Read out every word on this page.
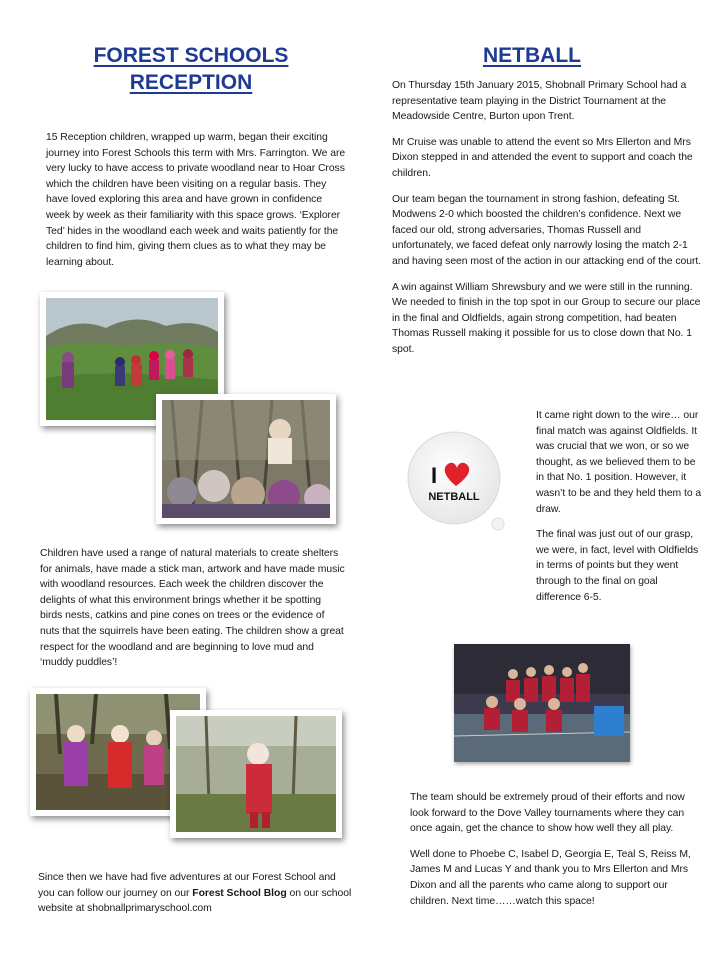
FOREST SCHOOLS
RECEPTION

15 Reception children, wrapped up warm, began their exciting journey into Forest Schools this term with Mrs. Farrington. We are very lucky to have access to private woodland near to Hoar Cross which the children have been visiting on a regular basis. They have loved exploring this area and have grown in confidence week by week as their familiarity with this space grows. ‘Explorer Ted’ hides in the woodland each week and waits patiently for the children to find him, giving them clues as to what they may be learning about.

Children have used a range of natural materials to create shelters for animals, have made a stick man, artwork and have made music with woodland resources. Each week the children discover the delights of what this environment brings whether it be spotting birds nests, catkins and pine cones on trees or the evidence of nuts that the squirrels have been eating. The children show a great respect for the woodland and are beginning to love mud and ‘muddy puddles’!

Since then we have had five adventures at our Forest School and you can follow our journey on our Forest School Blog on our school website at shobnallprimaryschool.com

NETBALL

On Thursday 15th January 2015, Shobnall Primary School had a representative team playing in the District Tournament at the Meadowside Centre, Burton upon Trent.

Mr Cruise was unable to attend the event so Mrs Ellerton and Mrs Dixon stepped in and attended the event to support and coach the children.

Our team began the tournament in strong fashion, defeating St. Modwens 2-0 which boosted the children’s confidence. Next we faced our old, strong adversaries, Thomas Russell and unfortunately, we faced defeat only narrowly losing the match 2-1 and having seen most of the action in our attacking end of the court.

A win against William Shrewsbury and we were still in the running. We needed to finish in the top spot in our Group to secure our place in the final and Oldfields, again strong competition, had beaten Thomas Russell making it possible for us to close down that No. 1 spot.

I
NETBALL

It came right down to the wire… our final match was against Oldfields. It was crucial that we won, or so we thought, as we believed them to be in that No. 1 position. However, it wasn’t to be and they held them to a draw.

The final was just out of our grasp, we were, in fact, level with Oldfields in terms of points but they went through to the final on goal difference 6-5.

The team should be extremely proud of their efforts and now look forward to the Dove Valley tournaments where they can once again, get the chance to show how well they all play.

Well done to Phoebe C, Isabel D, Georgia E, Teal S, Reiss M, James M and Lucas Y and thank you to Mrs Ellerton and Mrs Dixon and all the parents who came along to support our children. Next time……watch this space!
